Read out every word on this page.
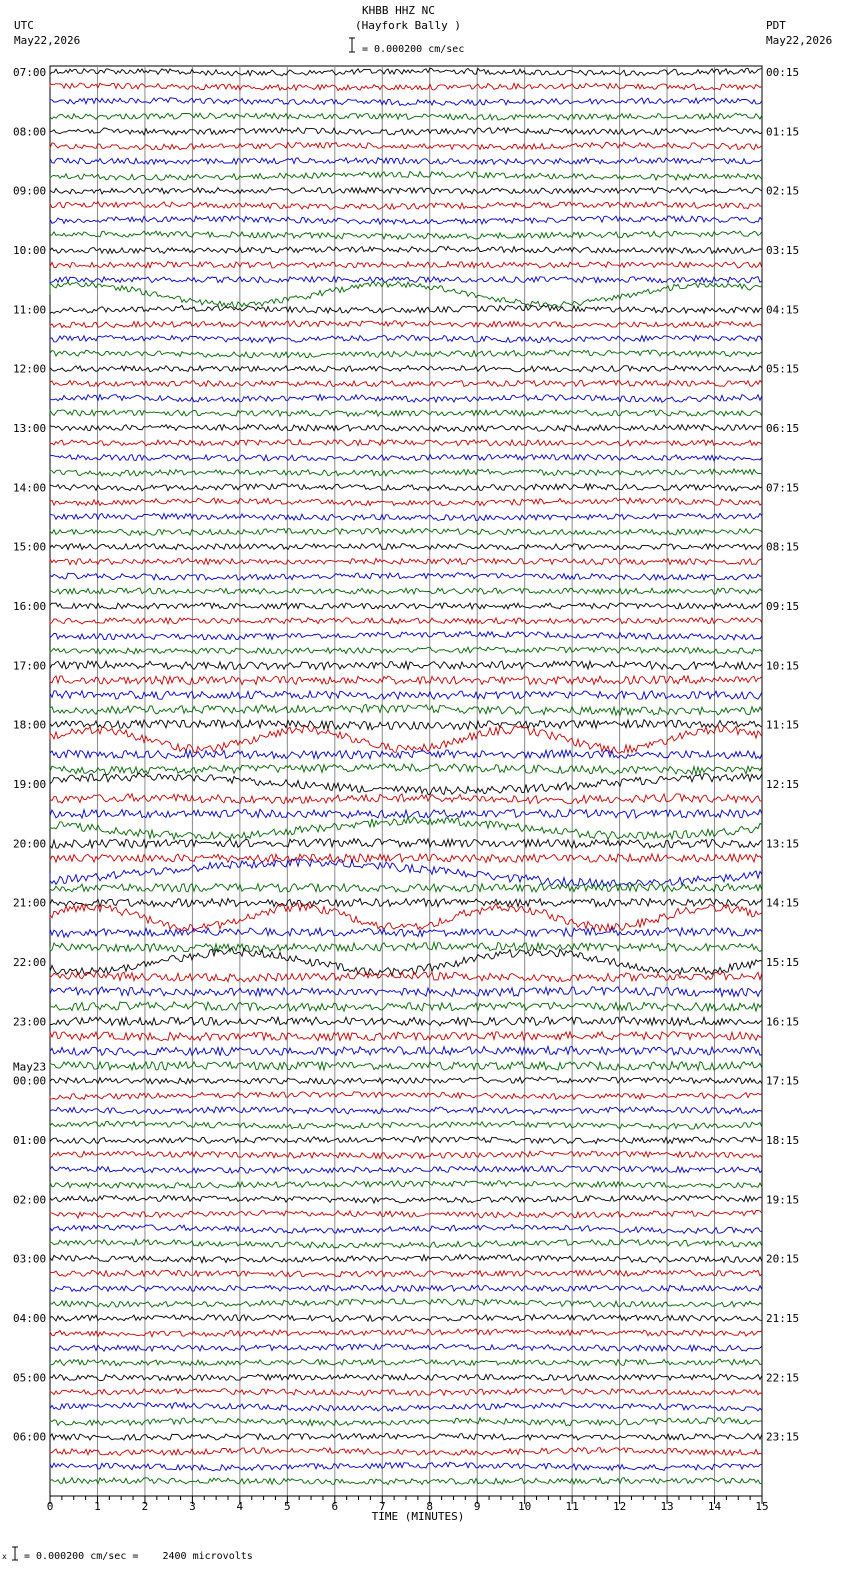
KHBB HHZ NC
(Hayfork Bally )
= 0.000200 cm/sec
UTC
May22,2026
PDT
May22,2026
07:00
08:00
09:00
10:00
11:00
12:00
13:00
14:00
15:00
16:00
17:00
18:00
19:00
20:00
21:00
22:00
23:00
00:00
01:00
02:00
03:00
04:00
05:00
06:00
00:15
01:15
02:15
03:15
04:15
05:15
06:15
07:15
08:15
09:15
10:15
11:15
12:15
13:15
14:15
15:15
16:15
17:15
18:15
19:15
20:15
21:15
22:15
23:15
May23
0	1	2	3	4	5	6	7	8	9	10	11	12	13	14	15
TIME (MINUTES)
x = 0.000200 cm/sec =    2400 microvolts
